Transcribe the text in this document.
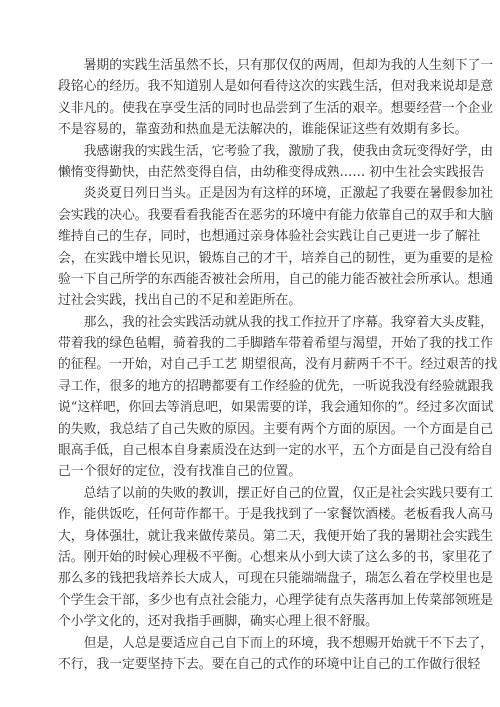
　　暑期的实践生活虽然不长，只有那仅仅的两周，但却为我的人生刻下了一
段铭心的经历。我不知道别人是如何看待这次的实践生活，但对我来说却是意
义非凡的。使我在享受生活的同时也品尝到了生活的艰辛。想要经营一个企业
不是容易的，靠蛮劲和热血是无法解决的，谁能保证这些有效期有多长。
　　我感谢我的实践生活，它考验了我，激励了我，使我由贪玩变得好学，由
懒惰变得勤快，由茫然变得自信，由幼稚变得成熟…… 初中生社会实践报告
　　炎炎夏日列日当头。正是因为有这样的环境，正激起了我要在暑假参加社
会实践的决心。我要看看我能否在恶劣的环境中有能力依靠自己的双手和大脑
维持自己的生存，同时，也想通过亲身体验社会实践让自己更进一步了解社
会，在实践中增长见识，锻炼自己的才干，培养自己的韧性，更为重要的是检
验一下自己所学的东西能否被社会所用，自己的能力能否被社会所承认。想通
过社会实践，找出自己的不足和差距所在。
　　那么，我的社会实践活动就从我的找工作拉开了序幕。我穿着大头皮鞋，
带着我的绿色毡帽，骑着我的二手脚踏车带着希望与渴望，开始了我的找工作
的征程。一开始，对自己手工艺 期望很高，没有月薪两千不干。经过艰苦的找
寻工作，很多的地方的招聘都要有工作经验的优先，一听说我没有经验就跟我
说“这样吧，你回去等消息吧，如果需要的详，我会通知你的”。经过多次面试
的失败，我总结了自己失败的原因。主要有两个方面的原因。一个方面是自己
眼高手低，自己根本自身素质没在达到一定的水平，五个方面是自己没有给自
己一个很好的定位，没有找准自己的位置。
　　总结了以前的失败的教训，摆正好自己的位置，仅正是社会实践只要有工
作，能供饭吃，任何苛作都干。于是我找到了一家餐饮酒楼。老板看我人高马
大，身体强壮，就让我来做传菜员。第二天，我便开始了我的暑期社会实践生
活。刚开始的时候心理极不平衡。心想来从小到大读了这么多的书，家里花了
那么多的钱把我培养长大成人，可现在只能端端盘子，瑞怎么着在学校里也是
个学生会干部，多少也有点社会能力，心理学徒有点失落再加上传菜部领班是
个小学文化的，还对我指手画脚，确实心理上很不舒服。
　　但是，人总是要适应自己自下而上的环境，我不想赐开始就干不下去了，
不行，我一定要坚持下去。要在自己的式作的环境中让自己的工作做行很轻
